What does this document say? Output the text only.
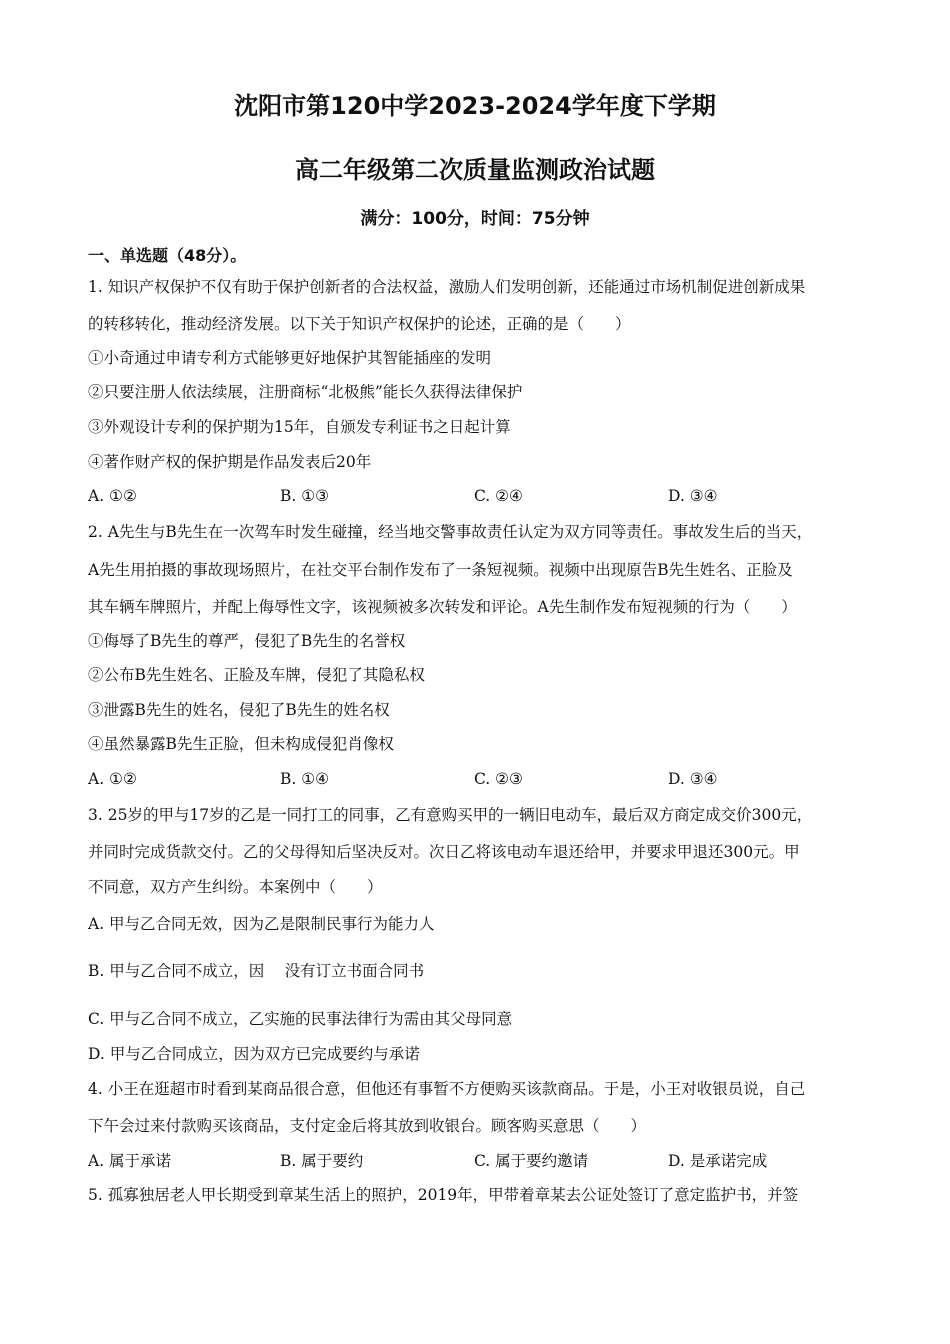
沈阳市第120中学2023-2024学年度下学期
高二年级第二次质量监测政治试题
满分：100分，时间：75分钟
一、单选题（48分）。
1. 知识产权保护不仅有助于保护创新者的合法权益，激励人们发明创新，还能通过市场机制促进创新成果
的转移转化，推动经济发展。以下关于知识产权保护的论述，正确的是（　　）
①小奇通过申请专利方式能够更好地保护其智能插座的发明
②只要注册人依法续展，注册商标“北极熊”能长久获得法律保护
③外观设计专利的保护期为15年，自颁发专利证书之日起计算
④著作财产权的保护期是作品发表后20年
A. ①②	B. ①③	C. ②④	D. ③④
2. A先生与B先生在一次驾车时发生碰撞，经当地交警事故责任认定为双方同等责任。事故发生后的当天，
A先生用拍摄的事故现场照片，在社交平台制作发布了一条短视频。视频中出现原告B先生姓名、正脸及
其车辆车牌照片，并配上侮辱性文字，该视频被多次转发和评论。A先生制作发布短视频的行为（　　）
①侮辱了B先生的尊严，侵犯了B先生的名誉权
②公布B先生姓名、正脸及车牌，侵犯了其隐私权
③泄露B先生的姓名，侵犯了B先生的姓名权
④虽然暴露B先生正脸，但未构成侵犯肖像权
A. ①②	B. ①④	C. ②③	D. ③④
3. 25岁的甲与17岁的乙是一同打工的同事，乙有意购买甲的一辆旧电动车，最后双方商定成交价300元，
并同时完成货款交付。乙的父母得知后坚决反对。次日乙将该电动车退还给甲，并要求甲退还300元。甲
不同意，双方产生纠纷。本案例中（　　）
A. 甲与乙合同无效，因为乙是限制民事行为能力人
B. 甲与乙合同不成立，因　 没有订立书面合同书
C. 甲与乙合同不成立，乙实施的民事法律行为需由其父母同意
D. 甲与乙合同成立，因为双方已完成要约与承诺
4. 小王在逛超市时看到某商品很合意，但他还有事暂不方便购买该款商品。于是，小王对收银员说，自己
下午会过来付款购买该商品，支付定金后将其放到收银台。顾客购买意思（　　）
A. 属于承诺	B. 属于要约	C. 属于要约邀请	D. 是承诺完成
5. 孤寡独居老人甲长期受到章某生活上的照护，2019年，甲带着章某去公证处签订了意定监护书，并签
